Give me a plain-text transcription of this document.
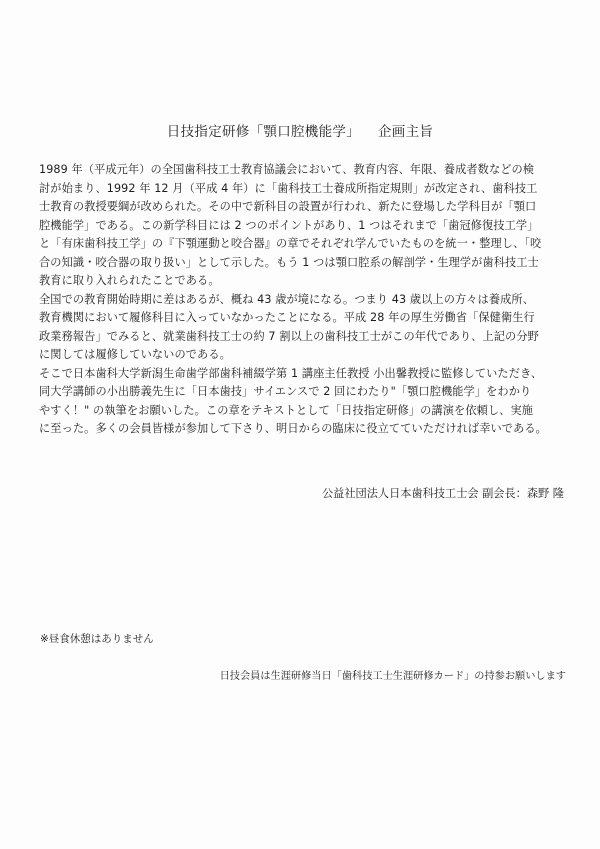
日技指定研修「顎口腔機能学」 企画主旨
1989 年（平成元年）の全国歯科技工士教育協議会において、教育内容、年限、養成者数などの検
討が始まり、1992 年 12 月（平成 4 年）に「歯科技工士養成所指定規則」が改定され、歯科技工
士教育の教授要綱が改められた。その中で新科目の設置が行われ、新たに登場した学科目が「顎口
腔機能学」である。この新学科目には 2 つのポイントがあり、1 つはそれまで「歯冠修復技工学」
と「有床歯科技工学」の『下顎運動と咬合器』の章でそれぞれ学んでいたものを統一・整理し、「咬
合の知識・咬合器の取り扱い」として示した。もう 1 つは顎口腔系の解剖学・生理学が歯科技工士
教育に取り入れられたことである。
全国での教育開始時期に差はあるが、概ね 43 歳が境になる。つまり 43 歳以上の方々は養成所、
教育機関において履修科目に入っていなかったことになる。平成 28 年の厚生労働省「保健衛生行
政業務報告」でみると、就業歯科技工士の約 7 割以上の歯科技工士がこの年代であり、上記の分野
に関しては履修していないのである。
そこで日本歯科大学新潟生命歯学部歯科補綴学第 1 講座主任教授 小出馨教授に監修していただき、
同大学講師の小出勝義先生に「日本歯技」サイエンスで 2 回にわたり"「顎口腔機能学」をわかり
やすく！" の執筆をお願いした。この章をテキストとして「日技指定研修」の講演を依頼し、実施
に至った。多くの会員皆様が参加して下さり、明日からの臨床に役立てていただければ幸いである。
公益社団法人日本歯科技工士会 副会長：森野 隆
※昼食休憩はありません
日技会員は生涯研修当日「歯科技工士生涯研修カード」の持参お願いします
